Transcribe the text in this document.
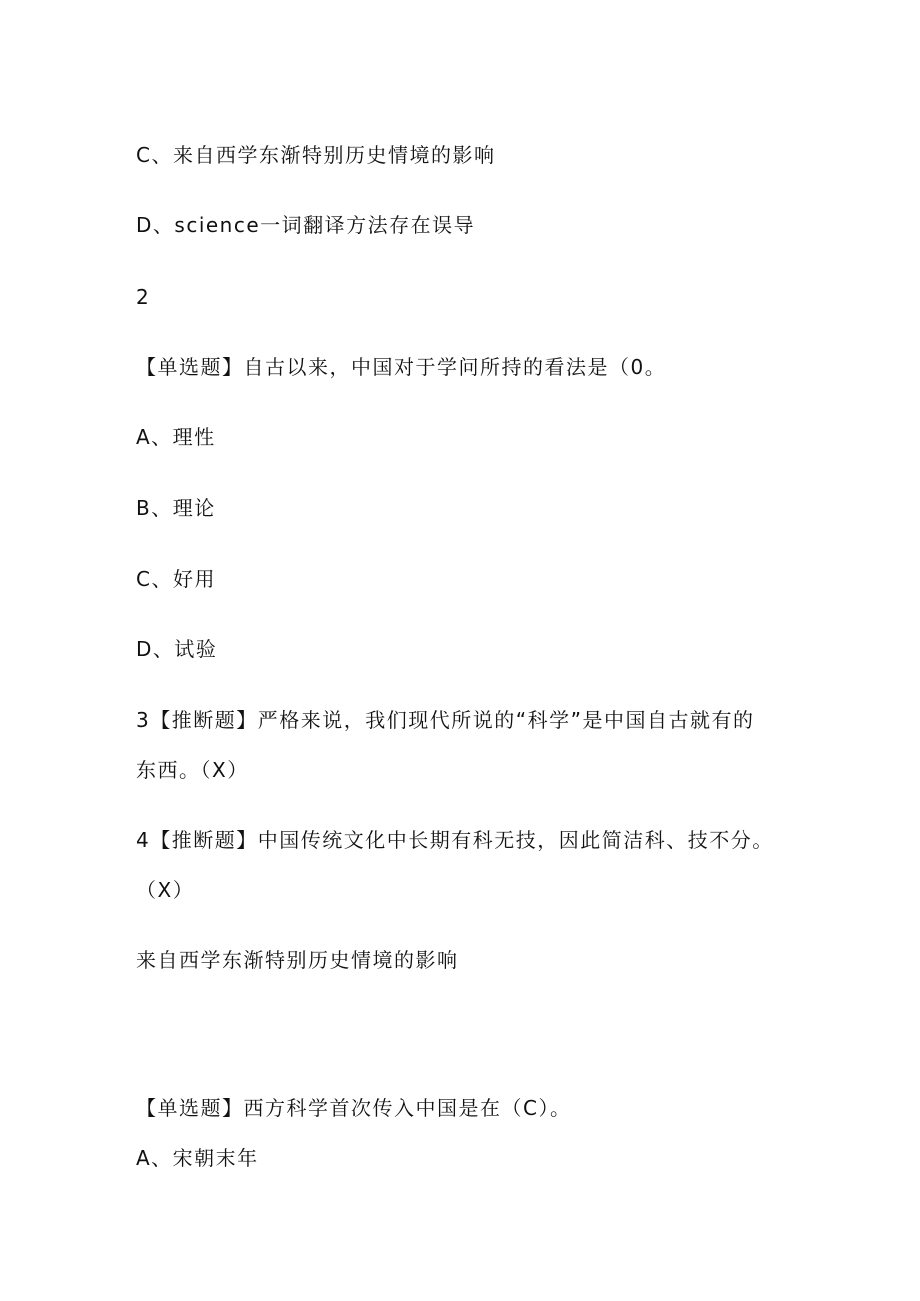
C、来自西学东渐特别历史情境的影响

D、science一词翻译方法存在误导

2

【单选题】自古以来，中国对于学问所持的看法是（0。

A、理性

B、理论

C、好用

D、试验

3【推断题】严格来说，我们现代所说的“科学”是中国自古就有的

东西。（X）

4【推断题】中国传统文化中长期有科无技，因此简洁科、技不分。

（X）

来自西学东渐特别历史情境的影响

【单选题】西方科学首次传入中国是在（C）。

A、宋朝末年
